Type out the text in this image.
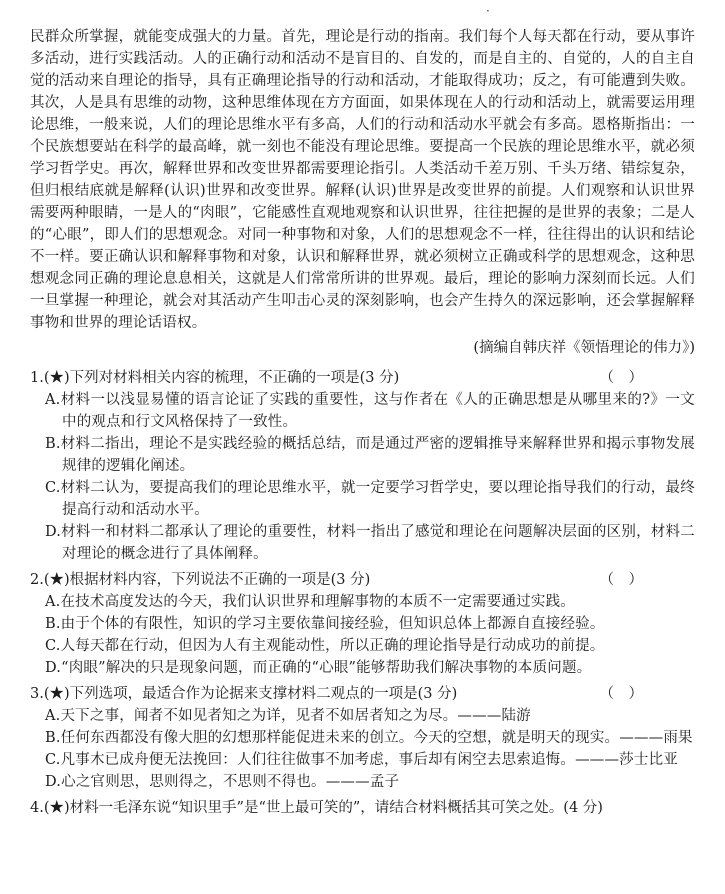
·
民群众所掌握，就能变成强大的力量。首先，理论是行动的指南。我们每个人每天都在行动，要从事许多活动，进行实践活动。人的正确行动和活动不是盲目的、自发的，而是自主的、自觉的，人的自主自觉的活动来自理论的指导，具有正确理论指导的行动和活动，才能取得成功；反之，有可能遭到失败。其次，人是具有思维的动物，这种思维体现在方方面面，如果体现在人的行动和活动上，就需要运用理论思维，一般来说，人们的理论思维水平有多高，人们的行动和活动水平就会有多高。恩格斯指出：一个民族想要站在科学的最高峰，就一刻也不能没有理论思维。要提高一个民族的理论思维水平，就必须学习哲学史。再次，解释世界和改变世界都需要理论指引。人类活动千差万别、千头万绪、错综复杂，但归根结底就是解释(认识)世界和改变世界。解释(认识)世界是改变世界的前提。人们观察和认识世界需要两种眼睛，一是人的“肉眼”，它能感性直观地观察和认识世界，往往把握的是世界的表象；二是人的“心眼”，即人们的思想观念。对同一种事物和对象，人们的思想观念不一样，往往得出的认识和结论不一样。要正确认识和解释事物和对象，认识和解释世界，就必须树立正确或科学的思想观念，这种思想观念同正确的理论息息相关，这就是人们常常所讲的世界观。最后，理论的影响力深刻而长远。人们一旦掌握一种理论，就会对其活动产生叩击心灵的深刻影响，也会产生持久的深远影响，还会掌握解释事物和世界的理论话语权。
(摘编自韩庆祥《领悟理论的伟力》)
1.(★)下列对材料相关内容的梳理，不正确的一项是(3 分)	（　）
A.材料一以浅显易懂的语言论证了实践的重要性，这与作者在《人的正确思想是从哪里来的?》一文中的观点和行文风格保持了一致性。
B.材料二指出，理论不是实践经验的概括总结，而是通过严密的逻辑推导来解释世界和揭示事物发展规律的逻辑化阐述。
C.材料二认为，要提高我们的理论思维水平，就一定要学习哲学史，要以理论指导我们的行动，最终提高行动和活动水平。
D.材料一和材料二都承认了理论的重要性，材料一指出了感觉和理论在问题解决层面的区别，材料二对理论的概念进行了具体阐释。
2.(★)根据材料内容，下列说法不正确的一项是(3 分)	（　）
A.在技术高度发达的今天，我们认识世界和理解事物的本质不一定需要通过实践。
B.由于个体的有限性，知识的学习主要依靠间接经验，但知识总体上都源自直接经验。
C.人每天都在行动，但因为人有主观能动性，所以正确的理论指导是行动成功的前提。
D.“肉眼”解决的只是现象问题，而正确的“心眼”能够帮助我们解决事物的本质问题。
3.(★)下列选项，最适合作为论据来支撑材料二观点的一项是(3 分)	（　）
A.天下之事，闻者不如见者知之为详，见者不如居者知之为尽。———陆游
B.任何东西都没有像大胆的幻想那样能促进未来的创立。今天的空想，就是明天的现实。———雨果
C.凡事木已成舟便无法挽回：人们往往做事不加考虑，事后却有闲空去思索追悔。———莎士比亚
D.心之官则思，思则得之，不思则不得也。———孟子
4.(★)材料一毛泽东说“知识里手”是“世上最可笑的”，请结合材料概括其可笑之处。(4 分)
